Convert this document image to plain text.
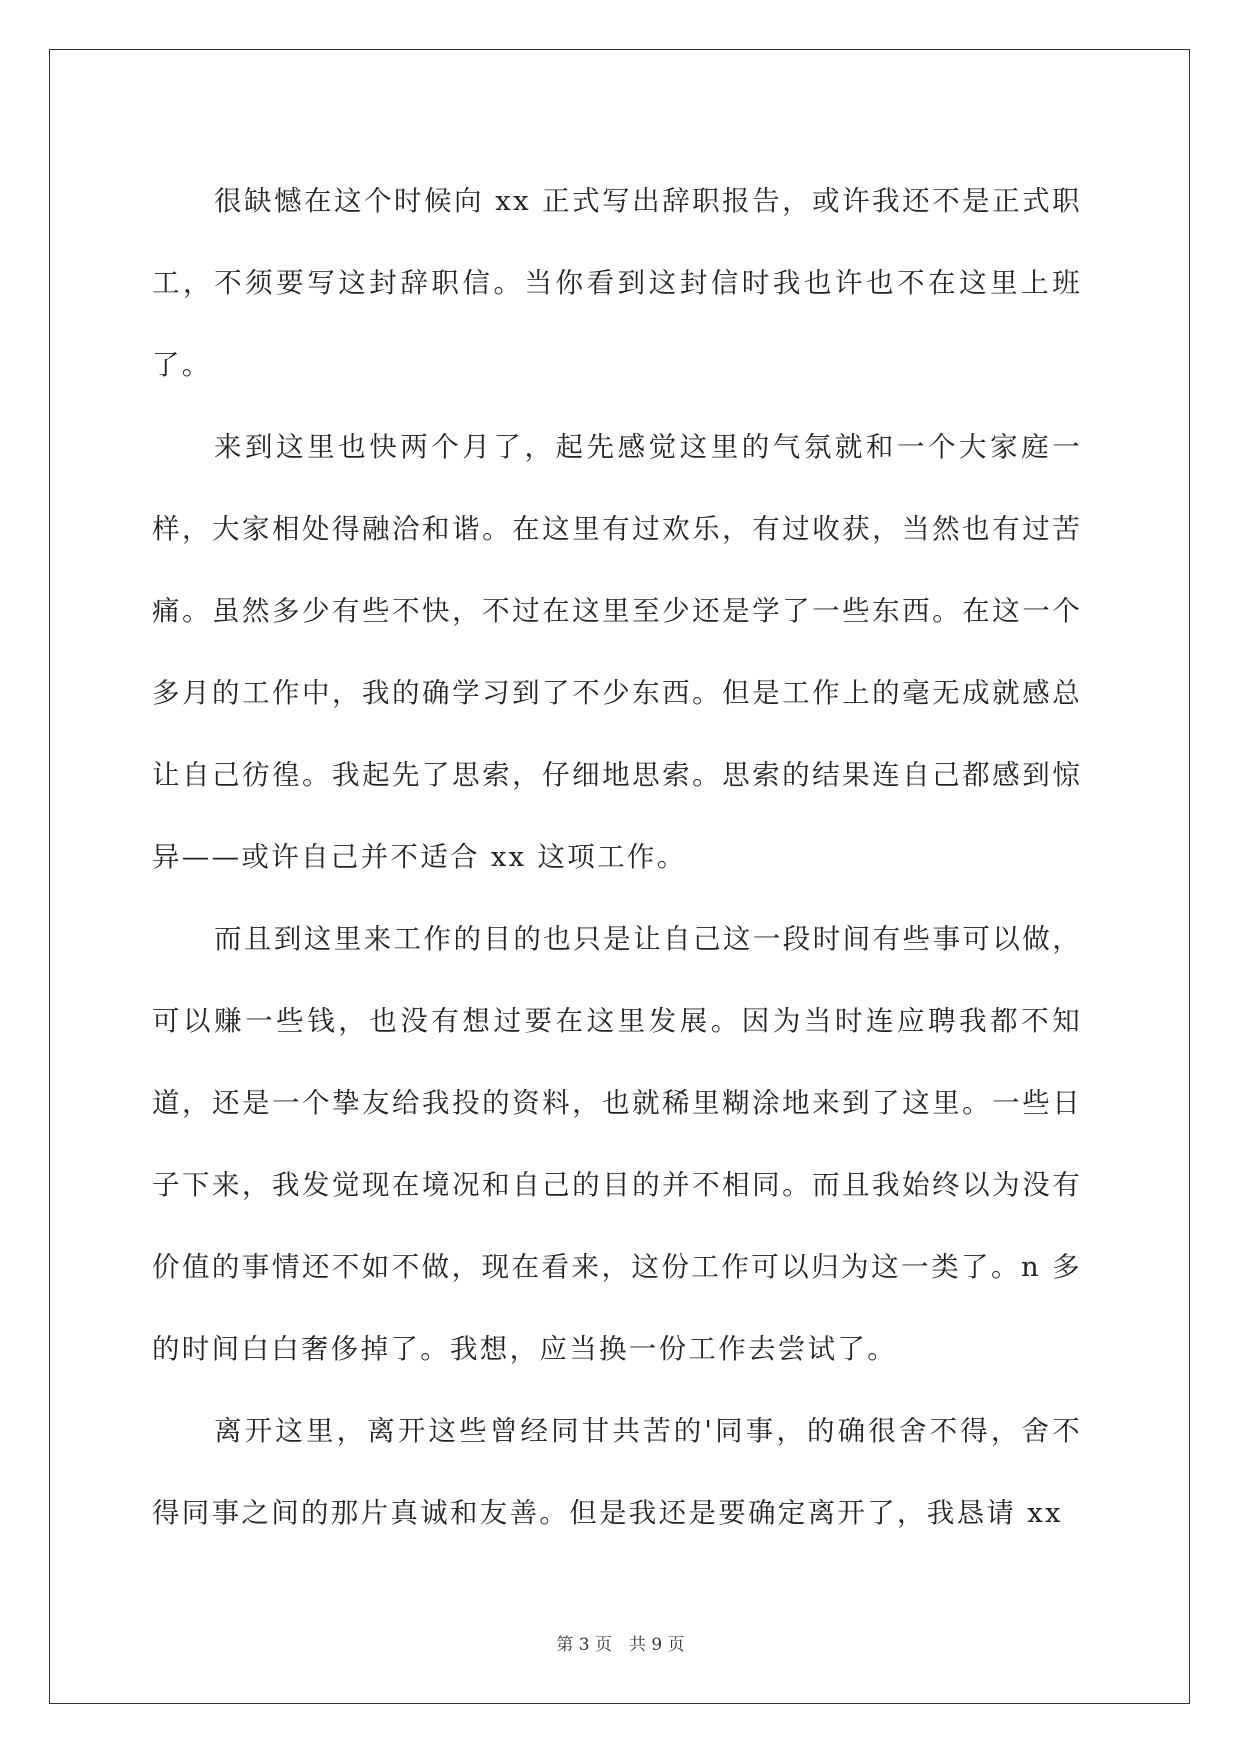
很缺憾在这个时候向 xx 正式写出辞职报告，或许我还不是正式职工，不须要写这封辞职信。当你看到这封信时我也许也不在这里上班了。

来到这里也快两个月了，起先感觉这里的气氛就和一个大家庭一样，大家相处得融洽和谐。在这里有过欢乐，有过收获，当然也有过苦痛。虽然多少有些不快，不过在这里至少还是学了一些东西。在这一个多月的工作中，我的确学习到了不少东西。但是工作上的毫无成就感总让自己彷徨。我起先了思索，仔细地思索。思索的结果连自己都感到惊异——或许自己并不适合 xx 这项工作。

而且到这里来工作的目的也只是让自己这一段时间有些事可以做，可以赚一些钱，也没有想过要在这里发展。因为当时连应聘我都不知道，还是一个挚友给我投的资料，也就稀里糊涂地来到了这里。一些日子下来，我发觉现在境况和自己的目的并不相同。而且我始终以为没有价值的事情还不如不做，现在看来，这份工作可以归为这一类了。n 多的时间白白奢侈掉了。我想，应当换一份工作去尝试了。

离开这里，离开这些曾经同甘共苦的'同事，的确很舍不得，舍不得同事之间的那片真诚和友善。但是我还是要确定离开了，我恳请 xx

第 3 页　共 9 页
